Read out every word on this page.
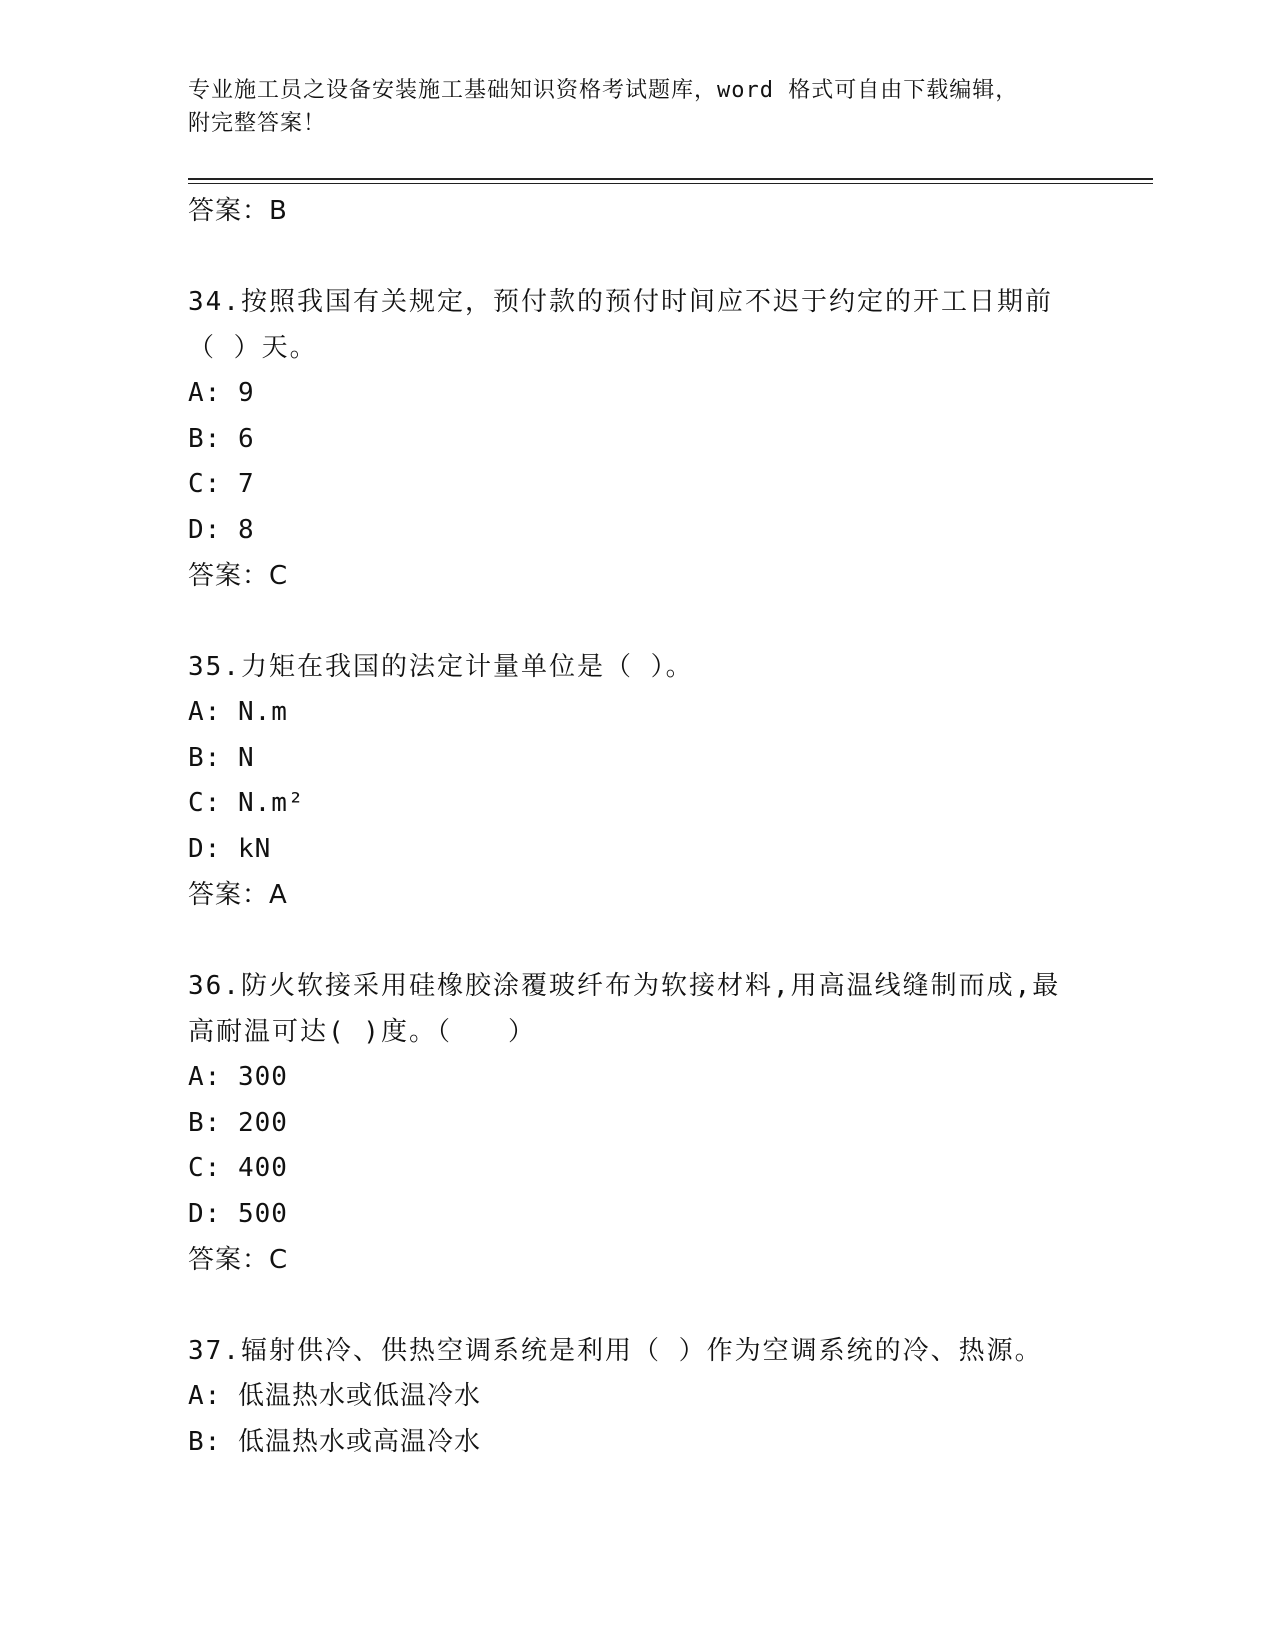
专业施工员之设备安装施工基础知识资格考试题库，word 格式可自由下载编辑，
附完整答案！
答案：B
34.按照我国有关规定，预付款的预付时间应不迟于约定的开工日期前
（ ）天。
A: 9
B: 6
C: 7
D: 8
答案：C
35.力矩在我国的法定计量单位是（ ）。
A: N.m
B: N
C: N.m²
D: kN
答案：A
36.防火软接采用硅橡胶涂覆玻纤布为软接材料,用高温线缝制而成,最
高耐温可达( )度。（　　）
A: 300
B: 200
C: 400
D: 500
答案：C
37.辐射供冷、供热空调系统是利用（ ）作为空调系统的冷、热源。
A: 低温热水或低温冷水
B: 低温热水或高温冷水
